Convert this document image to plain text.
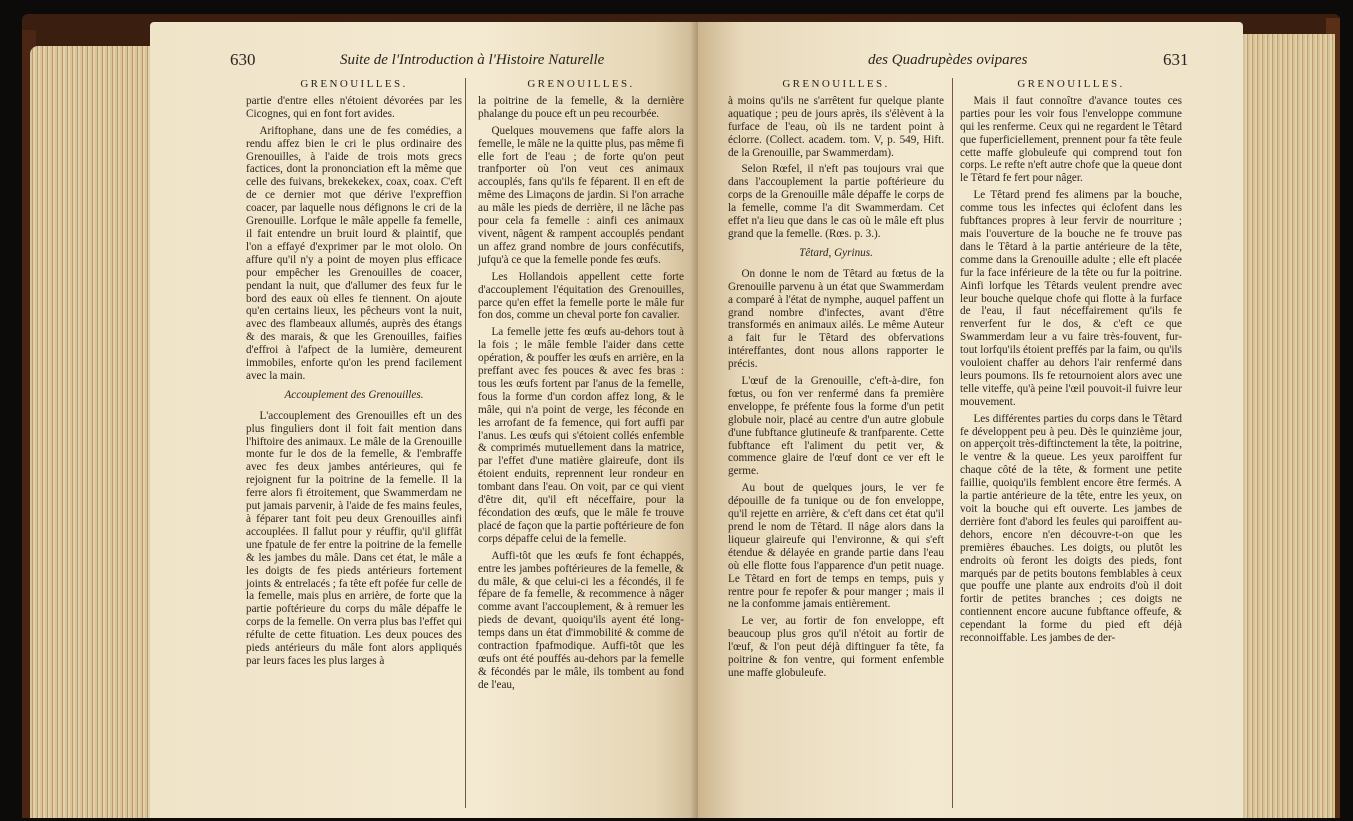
630	Suite de l'Introduction à l'Histoire Naturelle
GRENOUILLES.

partie d'entre elles n'étoient dévorées par les Cicognes, qui en font fort avides.

Ariftophane, dans une de fes comédies, a rendu affez bien le cri le plus ordinaire des Grenouilles, à l'aide de trois mots grecs factices, dont la prononciation eft la même que celle des fuivans, brekekekex, coax, coax. C'eft de ce dernier mot que dérive l'expreffion coacer, par laquelle nous défignons le cri de la Grenouille. Lorfque le mâle appelle fa femelle, il fait entendre un bruit lourd & plaintif, que l'on a effayé d'exprimer par le mot ololo. On affure qu'il n'y a point de moyen plus efficace pour empêcher les Grenouilles de coacer, pendant la nuit, que d'allumer des feux fur le bord des eaux où elles fe tiennent. On ajoute qu'en certains lieux, les pêcheurs vont la nuit, avec des flambeaux allumés, auprès des étangs & des marais, & que les Grenouilles, faifies d'effroi à l'afpect de la lumière, demeurent immobiles, enforte qu'on les prend facilement avec la main.

Accouplement des Grenouilles.

L'accouplement des Grenouilles eft un des plus finguliers dont il foit fait mention dans l'hiftoire des animaux. Le mâle de la Grenouille monte fur le dos de la femelle, & l'embraffe avec fes deux jambes antérieures, qui fe rejoignent fur la poitrine de la femelle. Il la ferre alors fi étroitement, que Swammerdam ne put jamais parvenir, à l'aide de fes mains feules, à féparer tant foit peu deux Grenouilles ainfi accouplées. Il fallut pour y réuffir, qu'il gliffât une fpatule de fer entre la poitrine de la femelle & les jambes du mâle. Dans cet état, le mâle a les doigts de fes pieds antérieurs fortement joints & entrelacés ; fa tête eft pofée fur celle de la femelle, mais plus en arrière, de forte que la partie poftérieure du corps du mâle dépaffe le corps de la femelle. On verra plus bas l'effet qui réfulte de cette fituation. Les deux pouces des pieds antérieurs du mâle font alors appliqués par leurs faces les plus larges à

GRENOUILLES.

la poitrine de la femelle, & la dernière phalange du pouce eft un peu recourbée.

Quelques mouvemens que faffe alors la femelle, le mâle ne la quitte plus, pas même fi elle fort de l'eau ; de forte qu'on peut tranfporter où l'on veut ces animaux accouplés, fans qu'ils fe féparent. Il en eft de même des Limaçons de jardin. Si l'on arrache au mâle les pieds de derrière, il ne lâche pas pour cela fa femelle : ainfi ces animaux vivent, nâgent & rampent accouplés pendant un affez grand nombre de jours confécutifs, jufqu'à ce que la femelle ponde fes œufs.

Les Hollandois appellent cette forte d'accouplement l'équitation des Grenouilles, parce qu'en effet la femelle porte le mâle fur fon dos, comme un cheval porte fon cavalier.

La femelle jette fes œufs au-dehors tout à la fois ; le mâle femble l'aider dans cette opération, & pouffer les œufs en arrière, en la preffant avec fes pouces & avec fes bras : tous les œufs fortent par l'anus de la femelle, fous la forme d'un cordon affez long, & le mâle, qui n'a point de verge, les féconde en les arrofant de fa femence, qui fort auffi par l'anus. Les œufs qui s'étoient collés enfemble & comprimés mutuellement dans la matrice, par l'effet d'une matière glaireufe, dont ils étoient enduits, reprennent leur rondeur en tombant dans l'eau. On voit, par ce qui vient d'être dit, qu'il eft néceffaire, pour la fécondation des œufs, que le mâle fe trouve placé de façon que la partie poftérieure de fon corps dépaffe celui de la femelle.

Auffi-tôt que les œufs fe font échappés, entre les jambes poftérieures de la femelle, & du mâle, & que celui-ci les a fécondés, il fe fépare de fa femelle, & recommence à nâger comme avant l'accouplement, & à remuer les pieds de devant, quoiqu'ils ayent été long-temps dans un état d'immobilité & comme de contraction fpafmodique. Auffi-tôt que les œufs ont été pouffés au-dehors par la femelle & fécondés par le mâle, ils tombent au fond de l'eau,

des Quadrupèdes ovipares	631
GRENOUILLES.

à moins qu'ils ne s'arrêtent fur quelque plante aquatique ; peu de jours après, ils s'élèvent à la furface de l'eau, où ils ne tardent point à éclorre. (Collect. academ. tom. V, p. 549, Hift. de la Grenouille, par Swammerdam).

Selon Rœfel, il n'eft pas toujours vrai que dans l'accouplement la partie poftérieure du corps de la Grenouille mâle dépaffe le corps de la femelle, comme l'a dit Swammerdam. Cet effet n'a lieu que dans le cas où le mâle eft plus grand que la femelle. (Rœs. p. 3.).

Têtard, Gyrinus.

On donne le nom de Têtard au fœtus de la Grenouille parvenu à un état que Swammerdam a comparé à l'état de nymphe, auquel paffent un grand nombre d'infectes, avant d'être transformés en animaux ailés. Le même Auteur a fait fur le Têtard des obfervations intéreffantes, dont nous allons rapporter le précis.

L'œuf de la Grenouille, c'eft-à-dire, fon fœtus, ou fon ver renfermé dans fa première enveloppe, fe préfente fous la forme d'un petit globule noir, placé au centre d'un autre globule d'une fubftance glutineufe & tranfparente. Cette fubftance eft l'aliment du petit ver, & commence glaire de l'œuf dont ce ver eft le germe.

Au bout de quelques jours, le ver fe dépouille de fa tunique ou de fon enveloppe, qu'il rejette en arrière, & c'eft dans cet état qu'il prend le nom de Têtard. Il nâge alors dans la liqueur glaireufe qui l'environne, & qui s'eft étendue & délayée en grande partie dans l'eau où elle flotte fous l'apparence d'un petit nuage. Le Têtard en fort de temps en temps, puis y rentre pour fe repofer & pour manger ; mais il ne la confomme jamais entièrement.

Le ver, au fortir de fon enveloppe, eft beaucoup plus gros qu'il n'étoit au fortir de l'œuf, & l'on peut déjà diftinguer fa tête, fa poitrine & fon ventre, qui forment enfemble une maffe globuleufe.

GRENOUILLES.

Mais il faut connoître d'avance toutes ces parties pour les voir fous l'enveloppe commune qui les renferme. Ceux qui ne regardent le Têtard que fuperficiellement, prennent pour fa tête feule cette maffe globuleufe qui comprend tout fon corps. Le refte n'eft autre chofe que la queue dont le Têtard fe fert pour nâger.

Le Têtard prend fes alimens par la bouche, comme tous les infectes qui éclofent dans les fubftances propres à leur fervir de nourriture ; mais l'ouverture de la bouche ne fe trouve pas dans le Têtard à la partie antérieure de la tête, comme dans la Grenouille adulte ; elle eft placée fur la face inférieure de la tête ou fur la poitrine. Ainfi lorfque les Têtards veulent prendre avec leur bouche quelque chofe qui flotte à la furface de l'eau, il faut néceffairement qu'ils fe renverfent fur le dos, & c'eft ce que Swammerdam leur a vu faire très-fouvent, fur-tout lorfqu'ils étoient preffés par la faim, ou qu'ils vouloient chaffer au dehors l'air renfermé dans leurs poumons. Ils fe retournoient alors avec une telle viteffe, qu'à peine l'œil pouvoit-il fuivre leur mouvement.

Les différentes parties du corps dans le Têtard fe développent peu à peu. Dès le quinzième jour, on apperçoit très-diftinctement la tête, la poitrine, le ventre & la queue. Les yeux paroiffent fur chaque côté de la tête, & forment une petite faillie, quoiqu'ils femblent encore être fermés. A la partie antérieure de la tête, entre les yeux, on voit la bouche qui eft ouverte. Les jambes de derrière font d'abord les feules qui paroiffent au-dehors, encore n'en découvre-t-on que les premières ébauches. Les doigts, ou plutôt les endroits où feront les doigts des pieds, font marqués par de petits boutons femblables à ceux que pouffe une plante aux endroits d'où il doit fortir de petites branches ; ces doigts ne contiennent encore aucune fubftance offeufe, & cependant la forme du pied eft déjà reconnoiffable. Les jambes de der-
